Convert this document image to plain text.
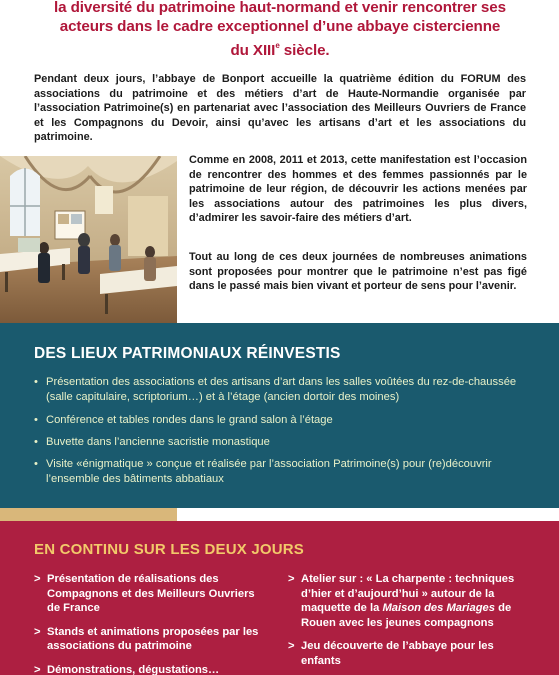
la diversité du patrimoine haut-normand et venir rencontrer ses
acteurs dans le cadre exceptionnel d’une abbaye cistercienne
du XIIIe siècle.

Pendant deux jours, l’abbaye de Bonport accueille la quatrième édition du FORUM des associations du patrimoine et des métiers d’art de Haute-Normandie organisée par l’association Patrimoine(s) en partenariat avec l’association des Meilleurs Ouvriers de France et les Compagnons du Devoir, ainsi qu’avec les artisans d’art et les associations du patrimoine.

Comme en 2008, 2011 et 2013, cette manifestation est l’occasion de rencontrer des hommes et des femmes passionnés par le patrimoine de leur région, de découvrir les actions menées par les associations autour des patrimoines les plus divers, d’admirer les savoir-faire des métiers d’art.

Tout au long de ces deux journées de nombreuses animations sont proposées pour montrer que le patrimoine n’est pas figé dans le passé mais bien vivant et porteur de sens pour l’avenir.

DES LIEUX PATRIMONIAUX RÉINVESTIS
• Présentation des associations et des artisans d’art dans les salles voûtées du rez-de-chaussée (salle capitulaire, scriptorium…) et à l’étage (ancien dortoir des moines)
• Conférence et tables rondes dans le grand salon à l’étage
• Buvette dans l’ancienne sacristie monastique
• Visite «énigmatique » conçue et réalisée par l’association Patrimoine(s) pour (re)découvrir l’ensemble des bâtiments abbatiaux
EN CONTINU SUR LES DEUX JOURS
> Présentation de réalisations des Compagnons et des Meilleurs Ouvriers de France
> Stands et animations proposées par les associations du patrimoine
> Démonstrations, dégustations…
> Atelier sur : « La charpente : techniques d’hier et d’aujourd’hui » autour de la maquette de la Maison des Mariages de Rouen avec les jeunes compagnons
> Jeu découverte de l’abbaye pour les enfants
